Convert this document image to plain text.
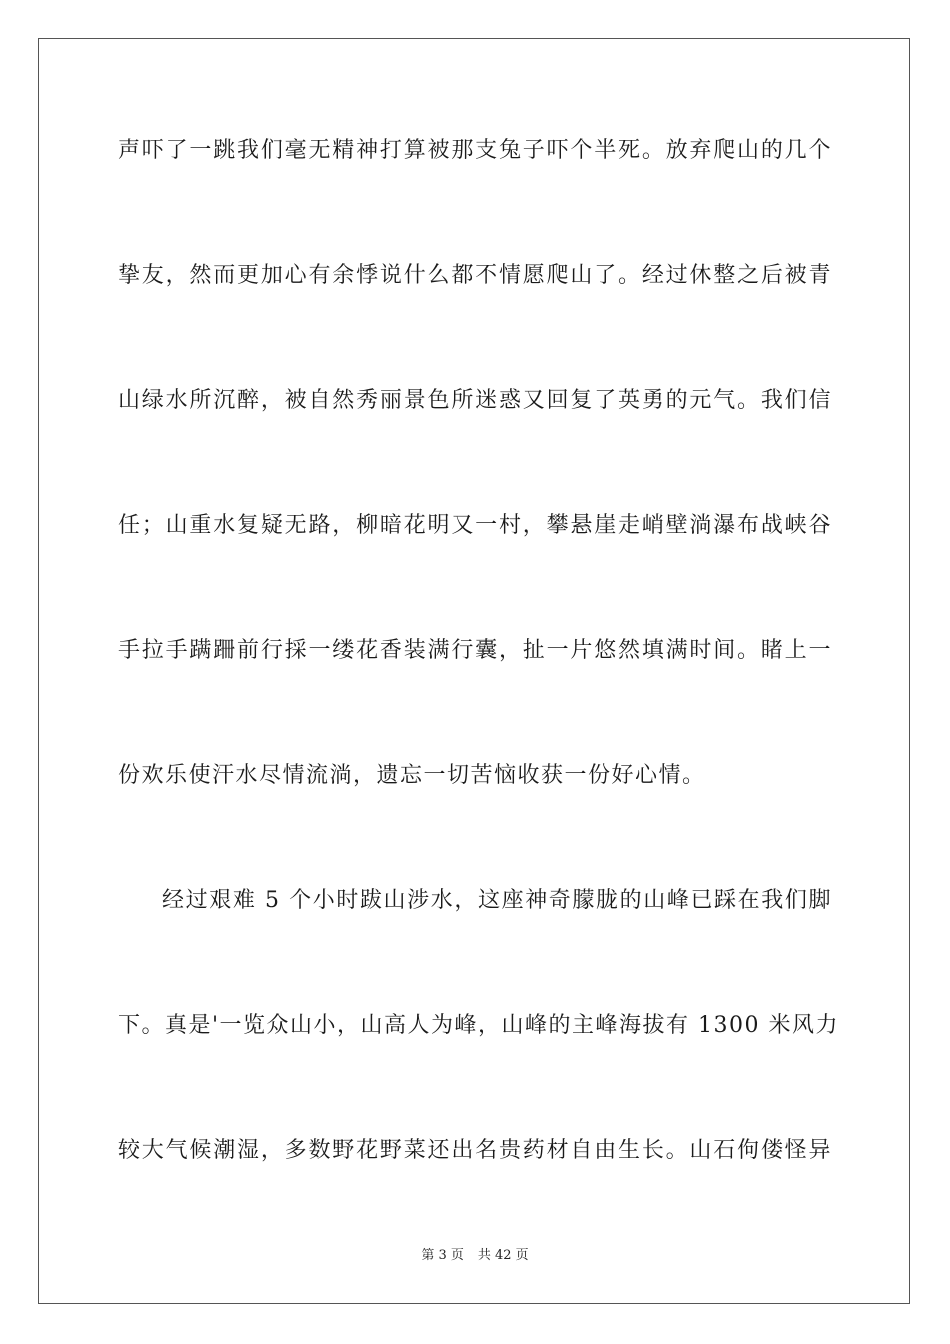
声吓了一跳我们毫无精神打算被那支兔子吓个半死。放弃爬山的几个
挚友，然而更加心有余悸说什么都不情愿爬山了。经过休整之后被青
山绿水所沉醉，被自然秀丽景色所迷惑又回复了英勇的元气。我们信
任；山重水复疑无路，柳暗花明又一村，攀悬崖走峭壁淌瀑布战峡谷
手拉手蹒跚前行採一缕花香装满行囊，扯一片悠然填满时间。睹上一
份欢乐使汗水尽情流淌，遗忘一切苦恼收获一份好心情。
经过艰难 5 个小时跋山涉水，这座神奇朦胧的山峰已踩在我们脚
下。真是'一览众山小，山高人为峰，山峰的主峰海拔有 1300 米风力
较大气候潮湿，多数野花野菜还出名贵药材自由生长。山石佝偻怪异
第 3 页 共 42 页
